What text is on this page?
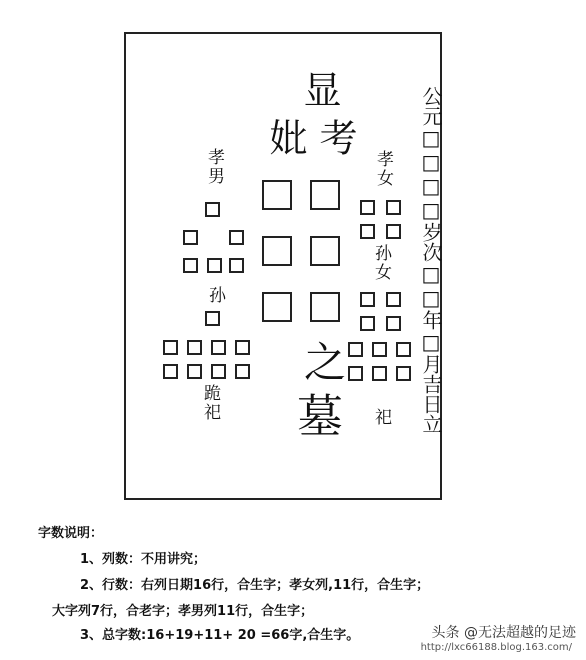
显
妣 考
之
墓	公元□□□□岁次□□年□月吉日立
孝男
孙
跪祀
孝女
孙女
祀
字数说明：
1、列数：不用讲究；
2、行数：右列日期16行，合生字；孝女列,11行，合生字；
大字列7行，合老字；孝男列11行，合生字；
3、总字数:16+19+11+ 20 =66字,合生字。	头条 @无法超越的足迹
http://lxc66188.blog.163.com/
